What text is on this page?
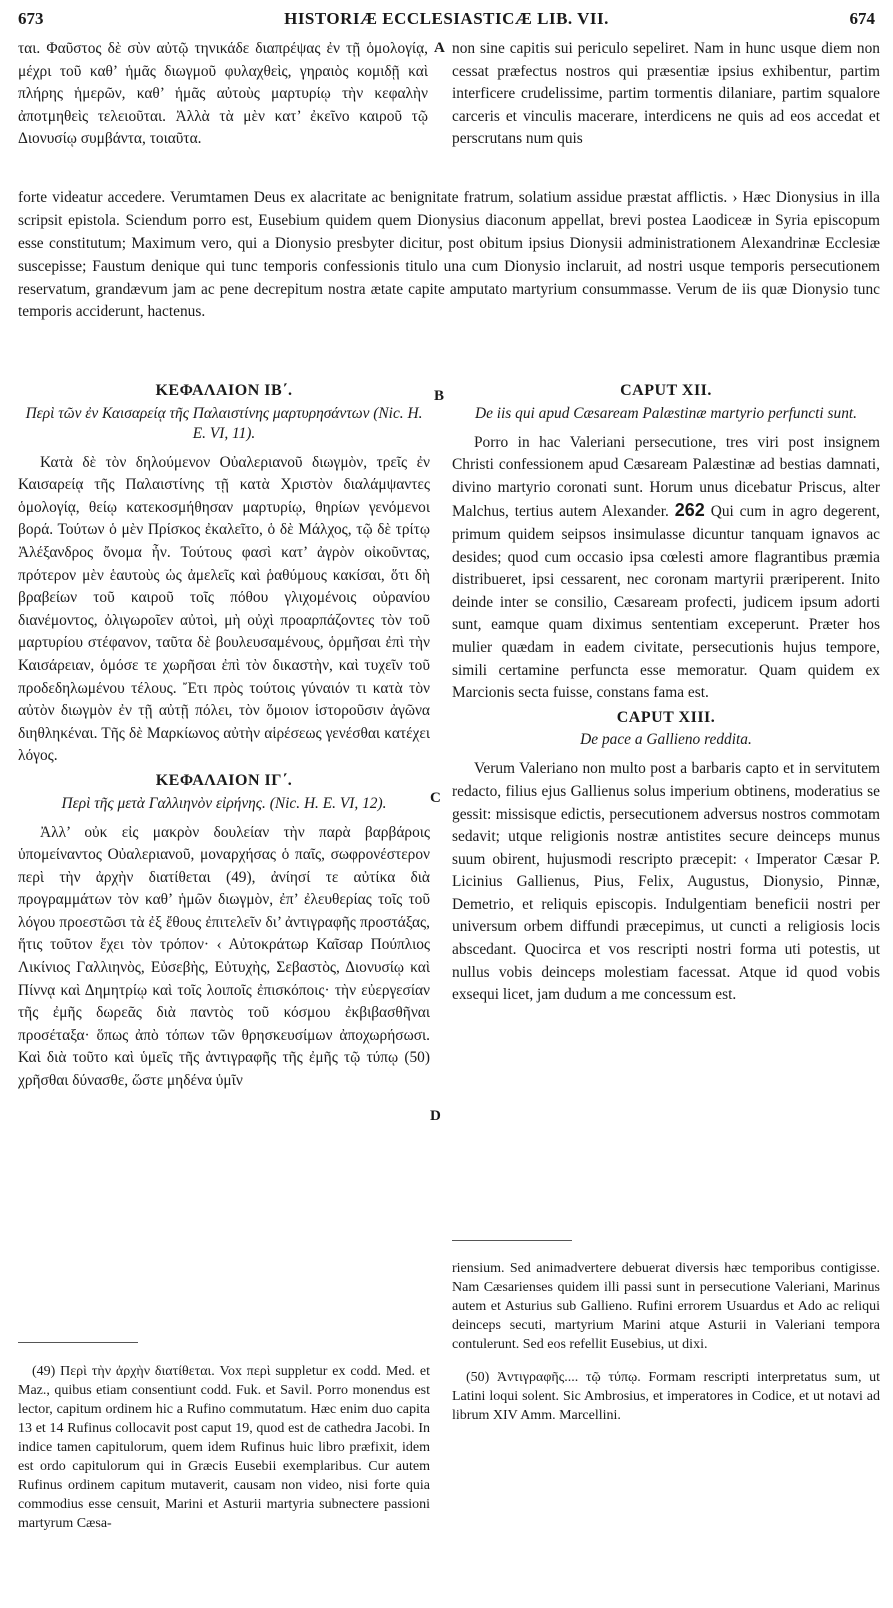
673	HISTORIÆ ECCLESIASTICÆ LIB. VII.	674
A
B
C
D

ται. Φαῦστος δὲ σὺν αὐτῷ τηνικάδε διαπρέψας ἐν τῇ ὁμολογίᾳ, μέχρι τοῦ καθ’ ἡμᾶς διωγμοῦ φυλαχθεὶς, γηραιὸς κομιδῇ καὶ πλήρης ἡμερῶν, καθ’ ἡμᾶς αὐτοὺς μαρτυρίῳ τὴν κεφαλὴν ἀποτμηθεὶς τελειοῦται. Ἀλλὰ τὰ μὲν κατ’ ἐκεῖνο καιροῦ τῷ Διονυσίῳ συμβάντα, τοιαῦτα.

non sine capitis sui periculo sepeliret. Nam in hunc usque diem non cessat præfectus nostros qui præsentiæ ipsius exhibentur, partim interficere crudelissime, partim tormentis dilaniare, partim squalore carceris et vinculis macerare, interdicens ne quis ad eos accedat et perscrutans num quis

forte videatur accedere. Verumtamen Deus ex alacritate ac benignitate fratrum, solatium assidue præstat afflictis. › Hæc Dionysius in illa scripsit epistola. Sciendum porro est, Eusebium quidem quem Dionysius diaconum appellat, brevi postea Laodiceæ in Syria episcopum esse constitutum; Maximum vero, qui a Dionysio presbyter dicitur, post obitum ipsius Dionysii administrationem Alexandrinæ Ecclesiæ suscepisse; Faustum denique qui tunc temporis confessionis titulo una cum Dionysio inclaruit, ad nostri usque temporis persecutionem reservatum, grandævum jam ac pene decrepitum nostra ætate capite amputato martyrium consummasse. Verum de iis quæ Dionysio tunc temporis acciderunt, hactenus.

ΚΕΦΑΛΑΙΟΝ ΙΒ΄.
Περὶ τῶν ἐν Καισαρείᾳ τῆς Παλαιστίνης μαρτυρησάντων (Nic. H. E. VI, 11).

Κατὰ δὲ τὸν δηλούμενον Οὐαλεριανοῦ διωγμὸν, τρεῖς ἐν Καισαρείᾳ τῆς Παλαιστίνης τῇ κατὰ Χριστὸν διαλάμψαντες ὁμολογίᾳ, θείῳ κατεκοσμήθησαν μαρτυρίῳ, θηρίων γενόμενοι βορά. Τούτων ὁ μὲν Πρίσκος ἐκαλεῖτο, ὁ δὲ Μάλχος, τῷ δὲ τρίτῳ Ἀλέξανδρος ὄνομα ἦν. Τούτους φασὶ κατ’ ἀγρὸν οἰκοῦντας, πρότερον μὲν ἑαυτοὺς ὡς ἀμελεῖς καὶ ῥαθύμους κακίσαι, ὅτι δὴ βραβείων τοῦ καιροῦ τοῖς πόθου γλιχομένοις οὐρανίου διανέμοντος, ὀλιγωροῖεν αὐτοὶ, μὴ οὐχὶ προαρπάζοντες τὸν τοῦ μαρτυρίου στέφανον, ταῦτα δὲ βουλευσαμένους, ὁρμῆσαι ἐπὶ τὴν Καισάρειαν, ὁμόσε τε χωρῆσαι ἐπὶ τὸν δικαστὴν, καὶ τυχεῖν τοῦ προδεδηλωμένου τέλους. Ἔτι πρὸς τούτοις γύναιόν τι κατὰ τὸν αὐτὸν διωγμὸν ἐν τῇ αὐτῇ πόλει, τὸν ὅμοιον ἱστοροῦσιν ἀγῶνα διηθληκέναι. Τῆς δὲ Μαρκίωνος αὐτὴν αἱρέσεως γενέσθαι κατέχει λόγος.

ΚΕΦΑΛΑΙΟΝ ΙΓ΄.
Περὶ τῆς μετὰ Γαλλιηνὸν εἰρήνης. (Nic. H. E. VI, 12).

Ἀλλ’ οὐκ εἰς μακρὸν δουλείαν τὴν παρὰ βαρβάροις ὑπομείναντος Οὐαλεριανοῦ, μοναρχήσας ὁ παῖς, σωφρονέστερον περὶ τὴν ἀρχὴν διατίθεται (49), ἀνίησί τε αὐτίκα διὰ προγραμμάτων τὸν καθ’ ἡμῶν διωγμὸν, ἐπ’ ἐλευθερίας τοῖς τοῦ λόγου προεστῶσι τὰ ἐξ ἔθους ἐπιτελεῖν δι’ ἀντιγραφῆς προστάξας, ἥτις τοῦτον ἔχει τὸν τρόπον· ‹ Αὐτοκράτωρ Καῖσαρ Πούπλιος Λικίνιος Γαλλιηνὸς, Εὐσεβὴς, Εὐτυχὴς, Σεβαστὸς, Διονυσίῳ καὶ Πίννᾳ καὶ Δημητρίῳ καὶ τοῖς λοιποῖς ἐπισκόποις· τὴν εὐεργεσίαν τῆς ἐμῆς δωρεᾶς διὰ παντὸς τοῦ κόσμου ἐκβιβασθῆναι προσέταξα· ὅπως ἀπὸ τόπων τῶν θρησκευσίμων ἀποχωρήσωσι. Καὶ διὰ τοῦτο καὶ ὑμεῖς τῆς ἀντιγραφῆς τῆς ἐμῆς τῷ τύπῳ (50) χρῆσθαι δύνασθε, ὥστε μηδένα ὑμῖν

CAPUT XII.
De iis qui apud Cæsaream Palæstinæ martyrio perfuncti sunt.

Porro in hac Valeriani persecutione, tres viri post insignem Christi confessionem apud Cæsaream Palæstinæ ad bestias damnati, divino martyrio coronati sunt. Horum unus dicebatur Priscus, alter Malchus, tertius autem Alexander. 262 Qui cum in agro degerent, primum quidem seipsos insimulasse dicuntur tanquam ignavos ac desides; quod cum occasio ipsa cœlesti amore flagrantibus præmia distribueret, ipsi cessarent, nec coronam martyrii præriperent. Inito deinde inter se consilio, Cæsaream profecti, judicem ipsum adorti sunt, eamque quam diximus sententiam exceperunt. Præter hos mulier quædam in eadem civitate, persecutionis hujus tempore, simili certamine perfuncta esse memoratur. Quam quidem ex Marcionis secta fuisse, constans fama est.

CAPUT XIII.
De pace a Gallieno reddita.

Verum Valeriano non multo post a barbaris capto et in servitutem redacto, filius ejus Gallienus solus imperium obtinens, moderatius se gessit: missisque edictis, persecutionem adversus nostros commotam sedavit; utque religionis nostræ antistites secure deinceps munus suum obirent, hujusmodi rescripto præcepit: ‹ Imperator Cæsar P. Licinius Gallienus, Pius, Felix, Augustus, Dionysio, Pinnæ, Demetrio, et reliquis episcopis. Indulgentiam beneficii nostri per universum orbem diffundi præcepimus, ut cuncti a religiosis locis abscedant. Quocirca et vos rescripti nostri forma uti potestis, ut nullus vobis deinceps molestiam facessat. Atque id quod vobis exsequi licet, jam dudum a me concessum est.

(49) Περὶ τὴν ἀρχὴν διατίθεται. Vox περὶ suppletur ex codd. Med. et Maz., quibus etiam consentiunt codd. Fuk. et Savil. Porro monendus est lector, capitum ordinem hic a Rufino commutatum. Hæc enim duo capita 13 et 14 Rufinus collocavit post caput 19, quod est de cathedra Jacobi. In indice tamen capitulorum, quem idem Rufinus huic libro præfixit, idem est ordo capitulorum qui in Græcis Eusebii exemplaribus. Cur autem Rufinus ordinem capitum mutaverit, causam non video, nisi forte quia commodius esse censuit, Marini et Asturii martyria subnectere passioni martyrum Cæsa-

riensium. Sed animadvertere debuerat diversis hæc temporibus contigisse. Nam Cæsarienses quidem illi passi sunt in persecutione Valeriani, Marinus autem et Asturius sub Gallieno. Rufini errorem Usuardus et Ado ac reliqui deinceps secuti, martyrium Marini atque Asturii in Valeriani tempora contulerunt. Sed eos refellit Eusebius, ut dixi.

(50) Ἀντιγραφῆς.... τῷ τύπῳ. Formam rescripti interpretatus sum, ut Latini loqui solent. Sic Ambrosius, et imperatores in Codice, et ut notavi ad librum XIV Amm. Marcellini.
